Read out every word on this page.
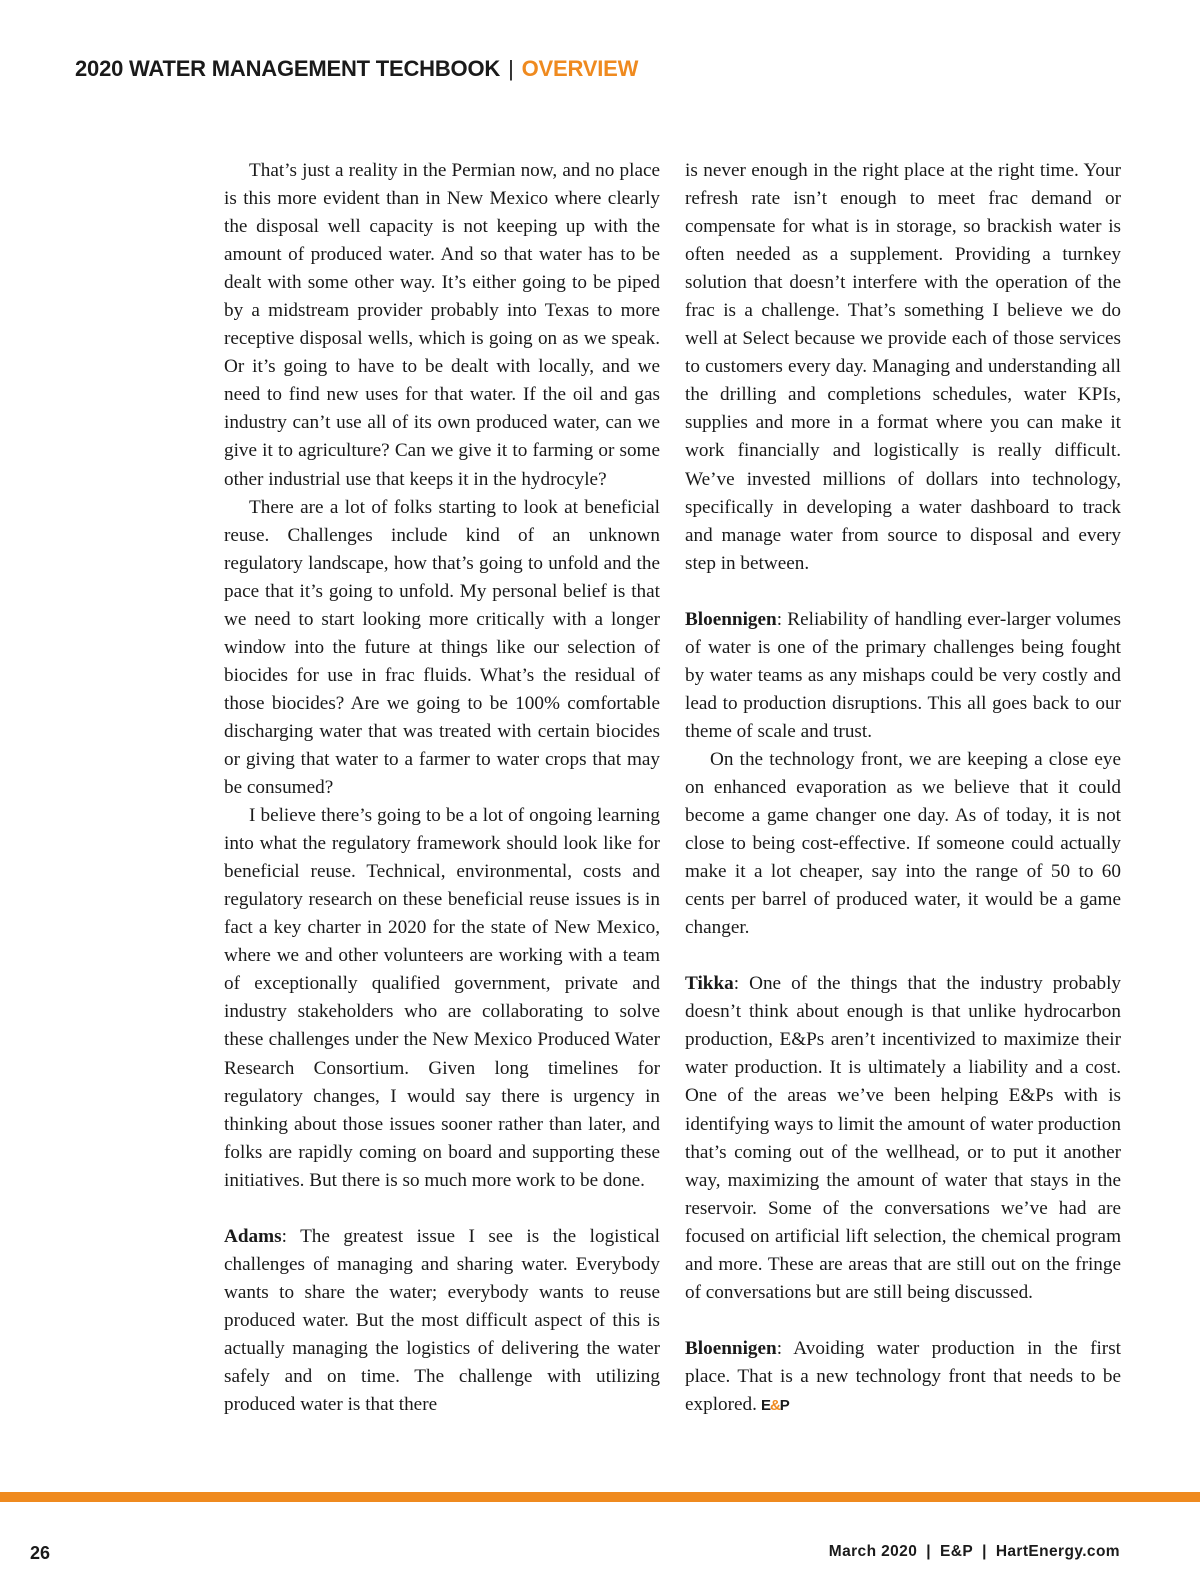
2020 WATER MANAGEMENT TECHBOOK | OVERVIEW

That’s just a reality in the Permian now, and no place is this more evident than in New Mexico where clearly the disposal well capacity is not keeping up with the amount of produced water. And so that water has to be dealt with some other way. It’s either going to be piped by a midstream provider probably into Texas to more receptive disposal wells, which is going on as we speak. Or it’s going to have to be dealt with locally, and we need to find new uses for that water. If the oil and gas industry can’t use all of its own produced water, can we give it to agriculture? Can we give it to farming or some other industrial use that keeps it in the hydrocyle?

There are a lot of folks starting to look at beneficial reuse. Challenges include kind of an unknown regulatory landscape, how that’s going to unfold and the pace that it’s going to unfold. My personal belief is that we need to start looking more critically with a longer window into the future at things like our selection of biocides for use in frac fluids. What’s the residual of those biocides? Are we going to be 100% comfortable discharging water that was treated with certain biocides or giving that water to a farmer to water crops that may be consumed?

I believe there’s going to be a lot of ongoing learning into what the regulatory framework should look like for beneficial reuse. Technical, environmental, costs and regulatory research on these beneficial reuse issues is in fact a key charter in 2020 for the state of New Mexico, where we and other volunteers are working with a team of exceptionally qualified government, private and industry stakeholders who are collaborating to solve these challenges under the New Mexico Produced Water Research Consortium. Given long timelines for regulatory changes, I would say there is urgency in thinking about those issues sooner rather than later, and folks are rapidly coming on board and supporting these initiatives. But there is so much more work to be done.

Adams: The greatest issue I see is the logistical challenges of managing and sharing water. Everybody wants to share the water; everybody wants to reuse produced water. But the most difficult aspect of this is actually managing the logistics of delivering the water safely and on time. The challenge with utilizing produced water is that there

is never enough in the right place at the right time. Your refresh rate isn’t enough to meet frac demand or compensate for what is in storage, so brackish water is often needed as a supplement. Providing a turnkey solution that doesn’t interfere with the operation of the frac is a challenge. That’s something I believe we do well at Select because we provide each of those services to customers every day. Managing and understanding all the drilling and completions schedules, water KPIs, supplies and more in a format where you can make it work financially and logistically is really difficult. We’ve invested millions of dollars into technology, specifically in developing a water dashboard to track and manage water from source to disposal and every step in between.

Bloennigen: Reliability of handling ever-larger volumes of water is one of the primary challenges being fought by water teams as any mishaps could be very costly and lead to production disruptions. This all goes back to our theme of scale and trust.

On the technology front, we are keeping a close eye on enhanced evaporation as we believe that it could become a game changer one day. As of today, it is not close to being cost-effective. If someone could actually make it a lot cheaper, say into the range of 50 to 60 cents per barrel of produced water, it would be a game changer.

Tikka: One of the things that the industry probably doesn’t think about enough is that unlike hydrocarbon production, E&Ps aren’t incentivized to maximize their water production. It is ultimately a liability and a cost. One of the areas we’ve been helping E&Ps with is identifying ways to limit the amount of water production that’s coming out of the wellhead, or to put it another way, maximizing the amount of water that stays in the reservoir. Some of the conversations we’ve had are focused on artificial lift selection, the chemical program and more. These are areas that are still out on the fringe of conversations but are still being discussed.

Bloennigen: Avoiding water production in the first place. That is a new technology front that needs to be explored. E&P

26	March 2020 | E&P | HartEnergy.com
